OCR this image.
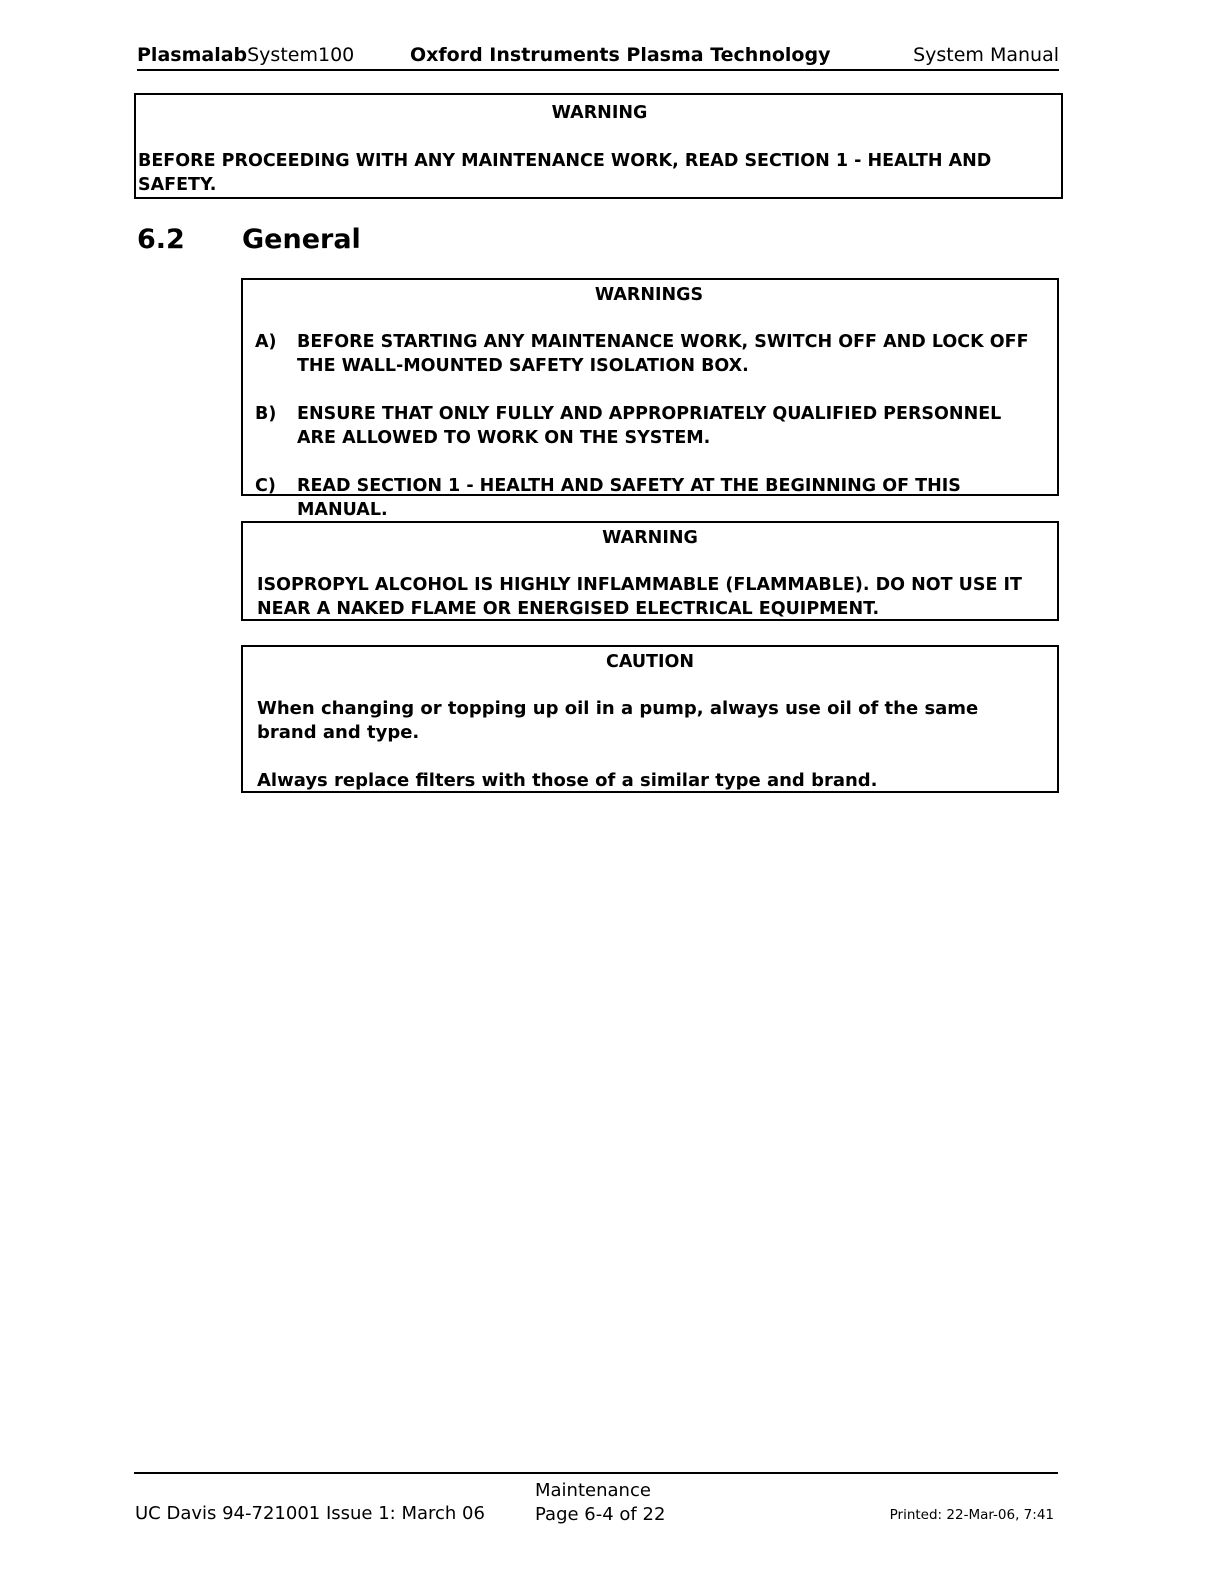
PlasmalabSystem100	Oxford Instruments Plasma Technology	System Manual
WARNING
BEFORE PROCEEDING WITH ANY MAINTENANCE WORK, READ SECTION 1 - HEALTH AND SAFETY.
6.2 General
WARNINGS
A)	BEFORE STARTING ANY MAINTENANCE WORK, SWITCH OFF AND LOCK OFF THE WALL-MOUNTED SAFETY ISOLATION BOX.
B)	ENSURE THAT ONLY FULLY AND APPROPRIATELY QUALIFIED PERSONNEL ARE ALLOWED TO WORK ON THE SYSTEM.
C)	READ SECTION 1 - HEALTH AND SAFETY AT THE BEGINNING OF THIS MANUAL.
WARNING
ISOPROPYL ALCOHOL IS HIGHLY INFLAMMABLE (FLAMMABLE). DO NOT USE IT NEAR A NAKED FLAME OR ENERGISED ELECTRICAL EQUIPMENT.
CAUTION

When changing or topping up oil in a pump, always use oil of the same brand and type.

Always replace filters with those of a similar type and brand.

UC Davis 94-721001 Issue 1: March 06
Maintenance
Page 6-4 of 22	Printed: 22-Mar-06, 7:41
